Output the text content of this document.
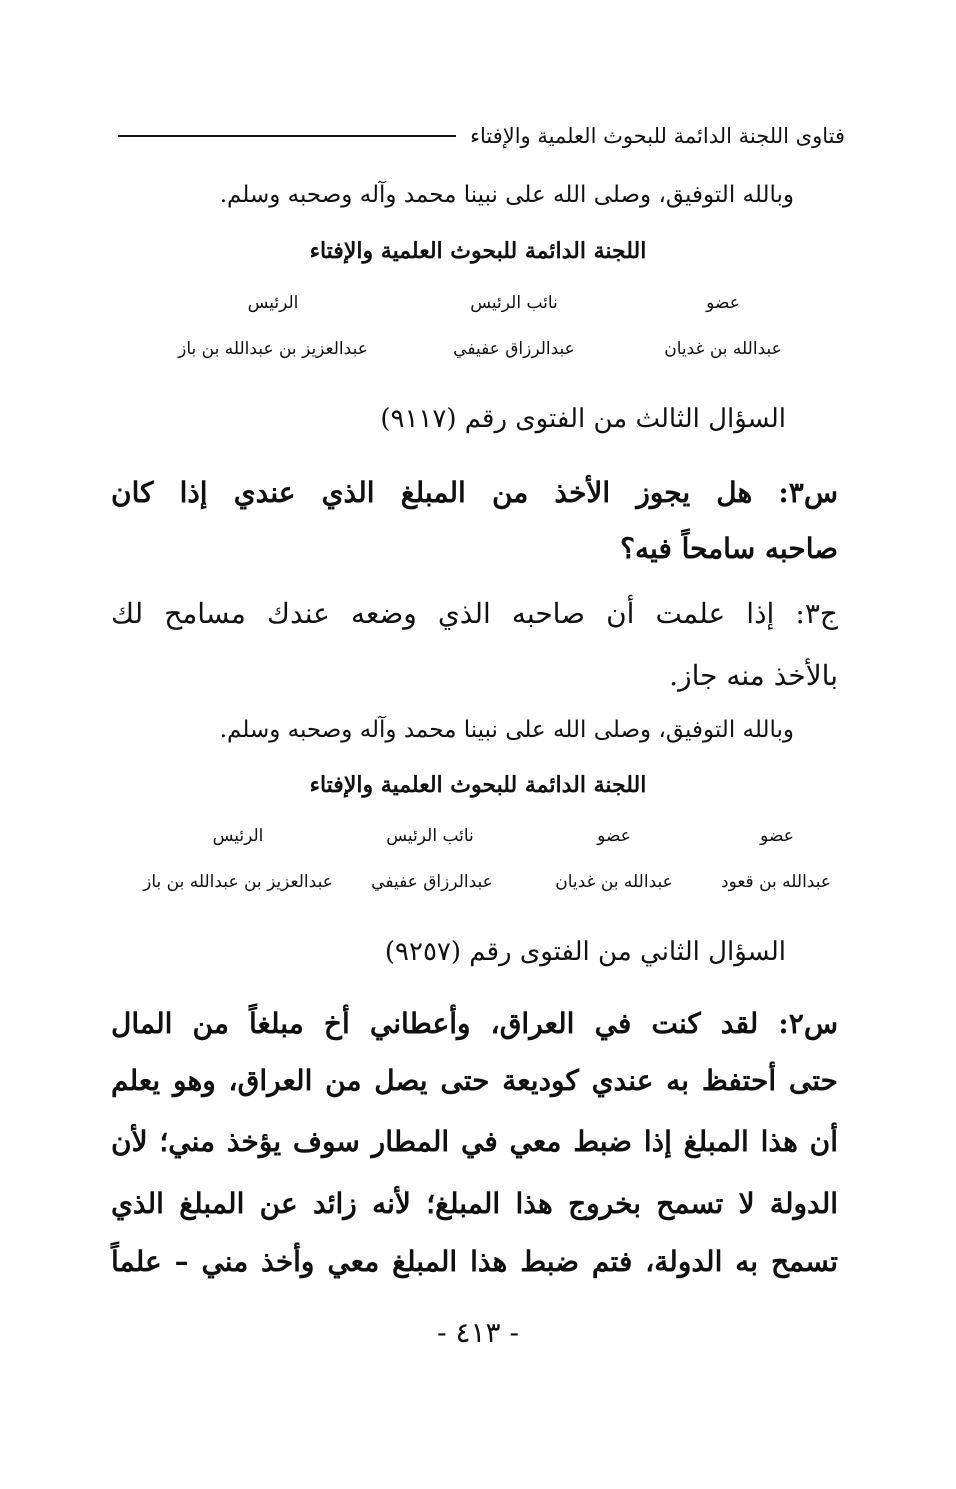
فتاوى اللجنة الدائمة للبحوث العلمية والإفتاء
وبالله التوفيق، وصلى الله على نبينا محمد وآله وصحبه وسلم.
اللجنة الدائمة للبحوث العلمية والإفتاء
عضو
نائب الرئيس
الرئيس
عبدالله بن غديان
عبدالرزاق عفيفي
عبدالعزيز بن عبدالله بن باز
السؤال الثالث من الفتوى رقم (٩١١٧)
س٣: هل يجوز الأخذ من المبلغ الذي عندي إذا كان
صاحبه سامحاً فيه؟
ج٣: إذا علمت أن صاحبه الذي وضعه عندك مسامح لك
بالأخذ منه جاز.
وبالله التوفيق، وصلى الله على نبينا محمد وآله وصحبه وسلم.
اللجنة الدائمة للبحوث العلمية والإفتاء
عضو
عضو
نائب الرئيس
الرئيس
عبدالله بن قعود
عبدالله بن غديان
عبدالرزاق عفيفي
عبدالعزيز بن عبدالله بن باز
السؤال الثاني من الفتوى رقم (٩٢٥٧)
س٢: لقد كنت في العراق، وأعطاني أخ مبلغاً من المال
حتى أحتفظ به عندي كوديعة حتى يصل من العراق، وهو يعلم
أن هذا المبلغ إذا ضبط معي في المطار سوف يؤخذ مني؛ لأن
الدولة لا تسمح بخروج هذا المبلغ؛ لأنه زائد عن المبلغ الذي
تسمح به الدولة، فتم ضبط هذا المبلغ معي وأخذ مني – علماً
- ٤١٣ -
